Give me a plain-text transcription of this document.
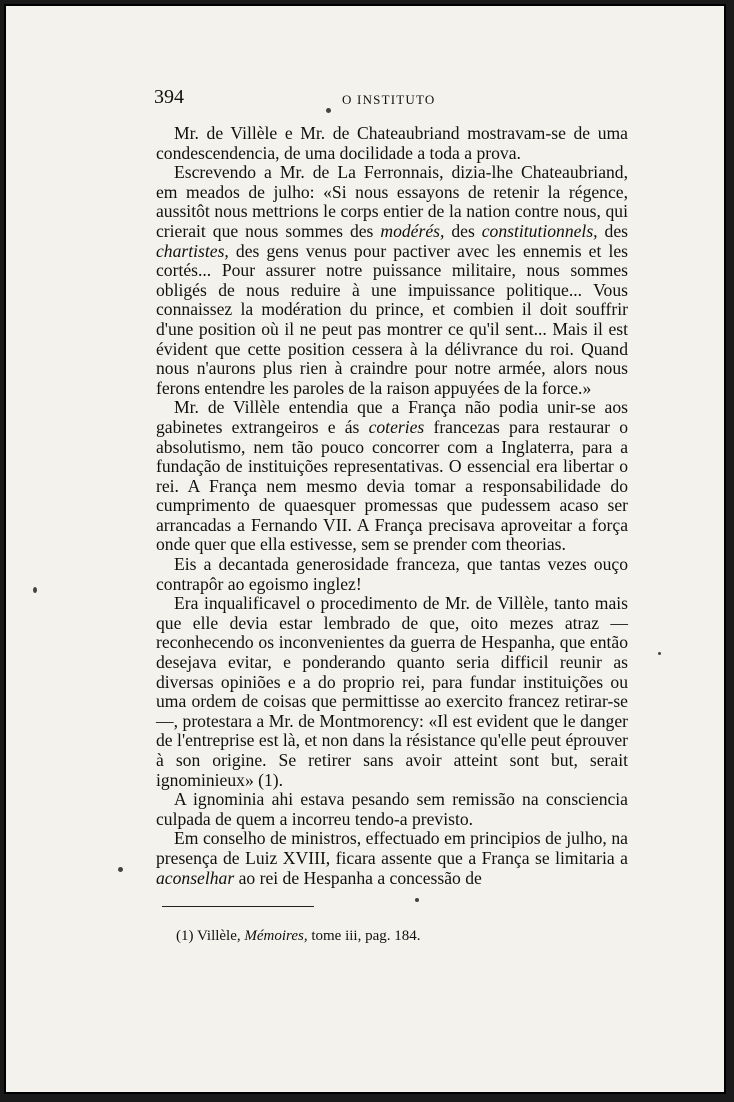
394	O INSTITUTO

Mr. de Villèle e Mr. de Chateaubriand mostravam-se de uma condescendencia, de uma docilidade a toda a prova.

Escrevendo a Mr. de La Ferronnais, dizia-lhe Chateaubriand, em meados de julho: «Si nous essayons de retenir la régence, aussitôt nous mettrions le corps entier de la nation contre nous, qui crierait que nous sommes des modérés, des constitutionnels, des chartistes, des gens venus pour pactiver avec les ennemis et les cortés... Pour assurer notre puissance militaire, nous sommes obligés de nous reduire à une impuissance politique... Vous connaissez la modération du prince, et combien il doit souffrir d'une position où il ne peut pas montrer ce qu'il sent... Mais il est évident que cette position cessera à la délivrance du roi. Quand nous n'aurons plus rien à craindre pour notre armée, alors nous ferons entendre les paroles de la raison appuyées de la force.»

Mr. de Villèle entendia que a França não podia unir-se aos gabinetes extrangeiros e ás coteries francezas para restaurar o absolutismo, nem tão pouco concorrer com a Inglaterra, para a fundação de instituições representativas. O essencial era libertar o rei. A França nem mesmo devia tomar a responsabilidade do cumprimento de quaesquer promessas que pudessem acaso ser arrancadas a Fernando VII. A França precisava aproveitar a força onde quer que ella estivesse, sem se prender com theorias.

Eis a decantada generosidade franceza, que tantas vezes ouço contrapôr ao egoismo inglez!

Era inqualificavel o procedimento de Mr. de Villèle, tanto mais que elle devia estar lembrado de que, oito mezes atraz —reconhecendo os inconvenientes da guerra de Hespanha, que então desejava evitar, e ponderando quanto seria difficil reunir as diversas opiniões e a do proprio rei, para fundar instituições ou uma ordem de coisas que permittisse ao exercito francez retirar-se—, protestara a Mr. de Montmorency: «Il est evident que le danger de l'entreprise est là, et non dans la résistance qu'elle peut éprouver à son origine. Se retirer sans avoir atteint sont but, serait ignominieux» (1).

A ignominia ahi estava pesando sem remissão na consciencia culpada de quem a incorreu tendo-a previsto.

Em conselho de ministros, effectuado em principios de julho, na presença de Luiz XVIII, ficara assente que a França se limitaria a aconselhar ao rei de Hespanha a concessão de

(1) Villèle, Mémoires, tome iii, pag. 184.
